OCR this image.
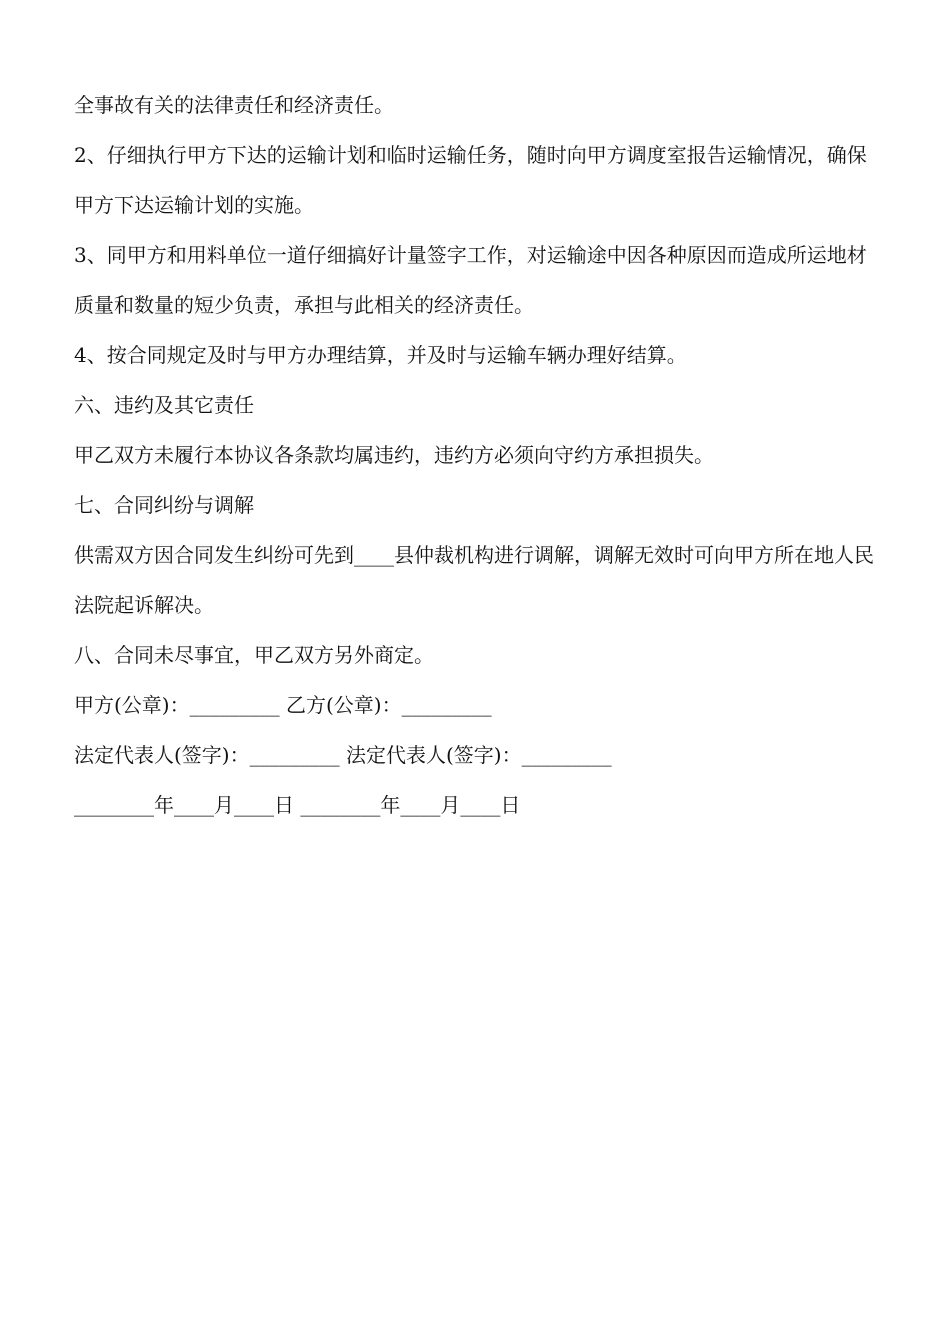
全事故有关的法律责任和经济责任。

2、仔细执行甲方下达的运输计划和临时运输任务，随时向甲方调度室报告运输情况，确保甲方下达运输计划的实施。

3、同甲方和用料单位一道仔细搞好计量签字工作，对运输途中因各种原因而造成所运地材质量和数量的短少负责，承担与此相关的经济责任。

4、按合同规定及时与甲方办理结算，并及时与运输车辆办理好结算。

六、违约及其它责任

甲乙双方未履行本协议各条款均属违约，违约方必须向守约方承担损失。

七、合同纠纷与调解

供需双方因合同发生纠纷可先到____县仲裁机构进行调解，调解无效时可向甲方所在地人民法院起诉解决。

八、合同未尽事宜，甲乙双方另外商定。

甲方(公章)：_________ 乙方(公章)：_________

法定代表人(签字)：_________ 法定代表人(签字)：_________

________年____月____日 ________年____月____日
